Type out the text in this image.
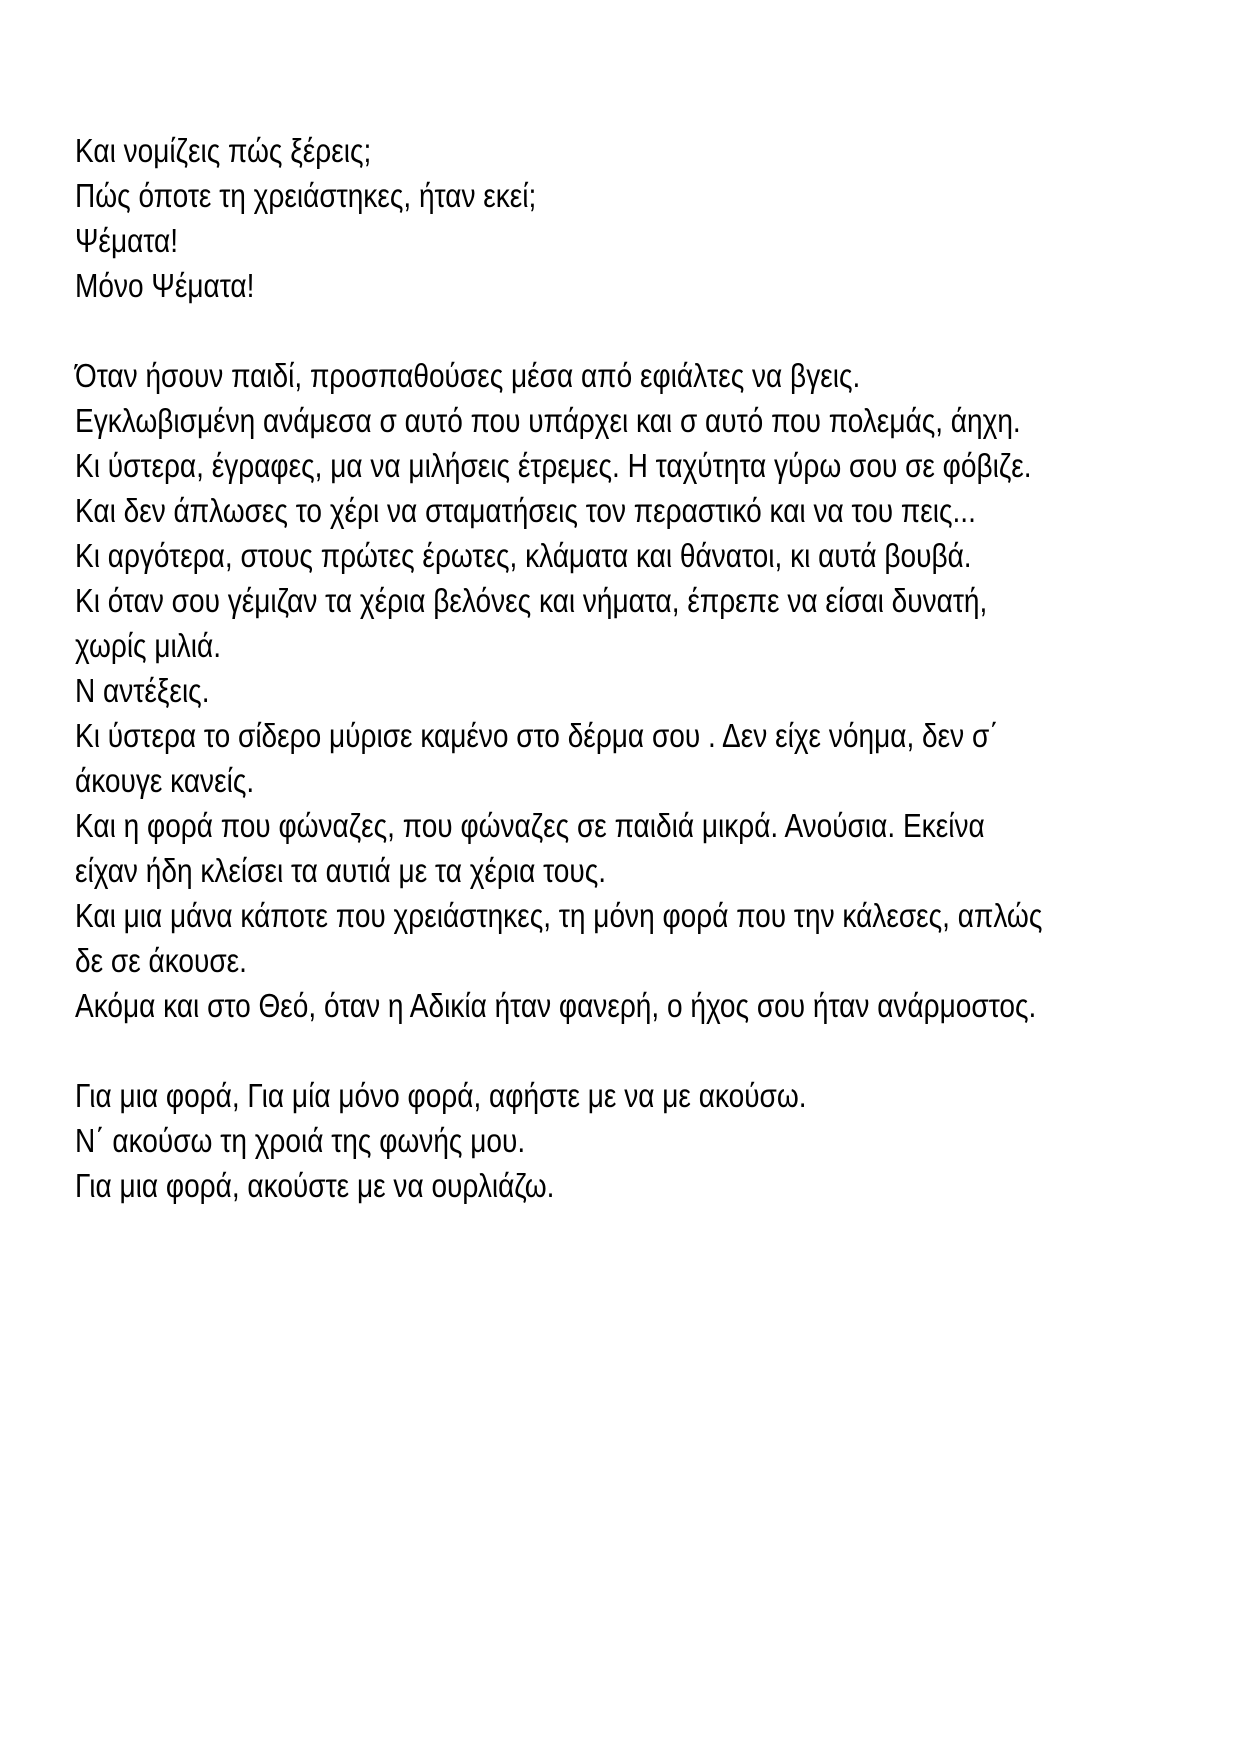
Και νομίζεις πώς ξέρεις;
Πώς όποτε τη χρειάστηκες, ήταν εκεί;
Ψέματα!
Μόνο Ψέματα!
Όταν ήσουν παιδί, προσπαθούσες μέσα από εφιάλτες να βγεις.
Εγκλωβισμένη ανάμεσα σ αυτό που υπάρχει και σ αυτό που πολεμάς, άηχη.
Κι ύστερα, έγραφες, μα να μιλήσεις έτρεμες. Η ταχύτητα γύρω σου σε φόβιζε.
Και δεν άπλωσες το χέρι να σταματήσεις τον περαστικό και να του πεις...
Κι αργότερα, στους πρώτες έρωτες, κλάματα και θάνατοι, κι αυτά βουβά.
Κι όταν σου γέμιζαν τα χέρια βελόνες και νήματα, έπρεπε να είσαι δυνατή,
χωρίς μιλιά.
Ν αντέξεις.
Κι ύστερα το σίδερο μύρισε καμένο στο δέρμα σου . Δεν είχε νόημα, δεν σ΄
άκουγε κανείς.
Και η φορά που φώναζες, που φώναζες σε παιδιά μικρά. Ανούσια. Εκείνα
είχαν ήδη κλείσει τα αυτιά με τα χέρια τους.
Και μια μάνα κάποτε που χρειάστηκες, τη μόνη φορά που την κάλεσες, απλώς
δε σε άκουσε.
Ακόμα και στο Θεό, όταν η Αδικία ήταν φανερή, ο ήχος σου ήταν ανάρμοστος.
Για μια φορά, Για μία μόνο φορά, αφήστε με να με ακούσω.
Ν΄ ακούσω τη χροιά της φωνής μου.
Για μια φορά, ακούστε με να ουρλιάζω.
